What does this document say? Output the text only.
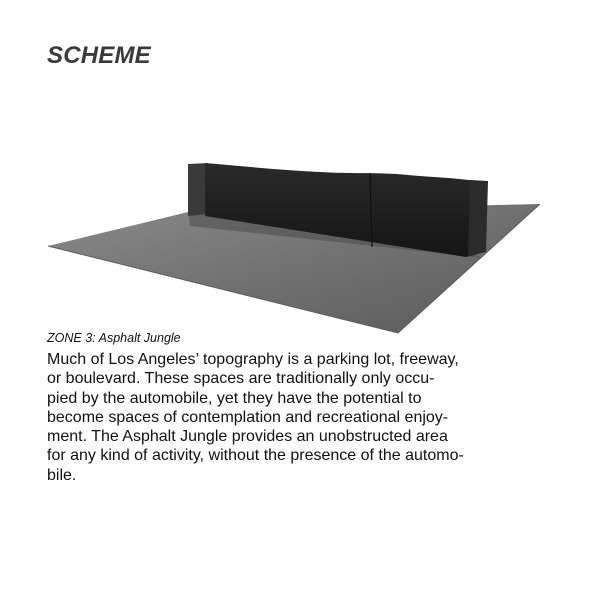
SCHEME

ZONE 3: Asphalt Jungle

Much of Los Angeles’ topography is a parking lot, freeway,
or boulevard. These spaces are traditionally only occu-
pied by the automobile, yet they have the potential to
become spaces of contemplation and recreational enjoy-
ment. The Asphalt Jungle provides an unobstructed area
for any kind of activity, without the presence of the automo-
bile.
